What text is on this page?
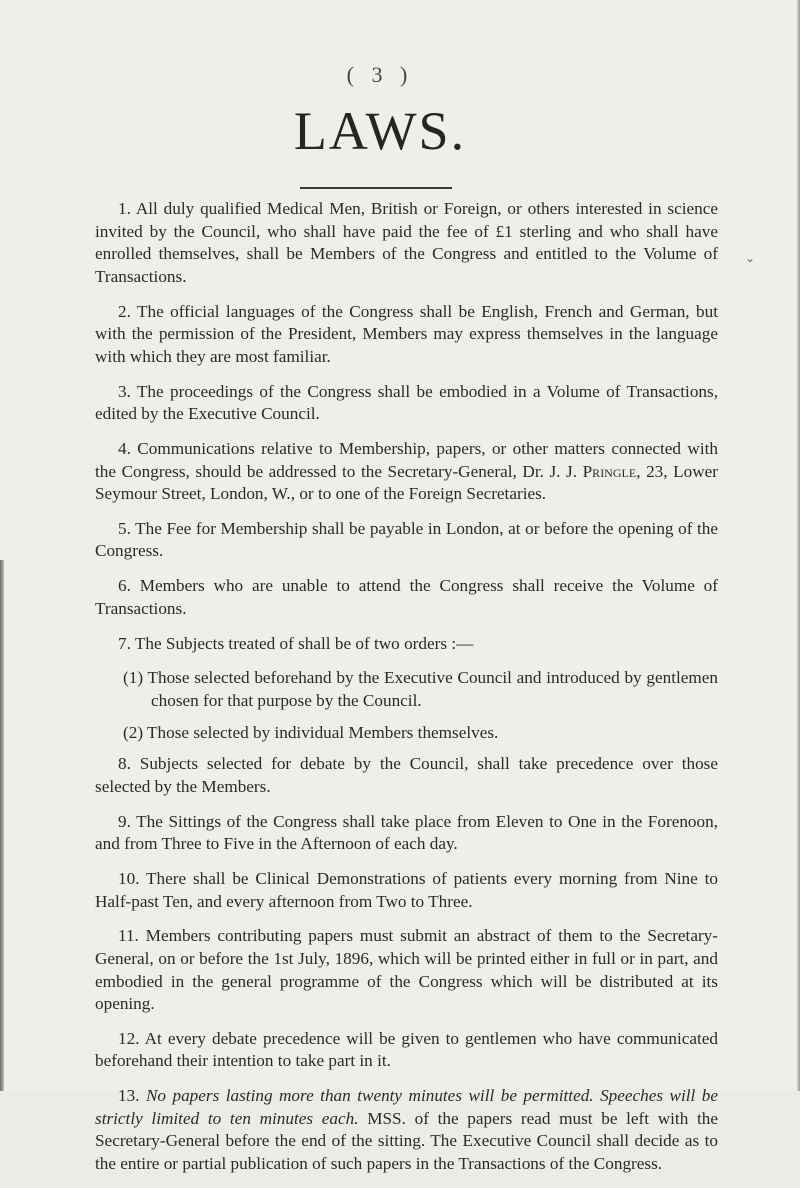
( 3 )
LAWS.
⌄

1. All duly qualified Medical Men, British or Foreign, or others interested in science invited by the Council, who shall have paid the fee of £1 sterling and who shall have enrolled themselves, shall be Members of the Congress and entitled to the Volume of Transactions.

2. The official languages of the Congress shall be English, French and German, but with the permission of the President, Members may express themselves in the language with which they are most familiar.

3. The proceedings of the Congress shall be embodied in a Volume of Transactions, edited by the Executive Council.

4. Communications relative to Membership, papers, or other matters connected with the Congress, should be addressed to the Secretary-General, Dr. J. J. Pringle, 23, Lower Seymour Street, London, W., or to one of the Foreign Secretaries.

5. The Fee for Membership shall be payable in London, at or before the opening of the Congress.

6. Members who are unable to attend the Congress shall receive the Volume of Transactions.

7. The Subjects treated of shall be of two orders :—

(1) Those selected beforehand by the Executive Council and introduced by gentlemen chosen for that purpose by the Council.

(2) Those selected by individual Members themselves.

8. Subjects selected for debate by the Council, shall take precedence over those selected by the Members.

9. The Sittings of the Congress shall take place from Eleven to One in the Forenoon, and from Three to Five in the Afternoon of each day.

10. There shall be Clinical Demonstrations of patients every morning from Nine to Half-past Ten, and every afternoon from Two to Three.

11. Members contributing papers must submit an abstract of them to the Secretary-General, on or before the 1st July, 1896, which will be printed either in full or in part, and embodied in the general programme of the Congress which will be distributed at its opening.

12. At every debate precedence will be given to gentlemen who have communicated beforehand their intention to take part in it.

13. No papers lasting more than twenty minutes will be permitted. Speeches will be strictly limited to ten minutes each. MSS. of the papers read must be left with the Secretary-General before the end of the sitting. The Executive Council shall decide as to the entire or partial publication of such papers in the Transactions of the Congress.
